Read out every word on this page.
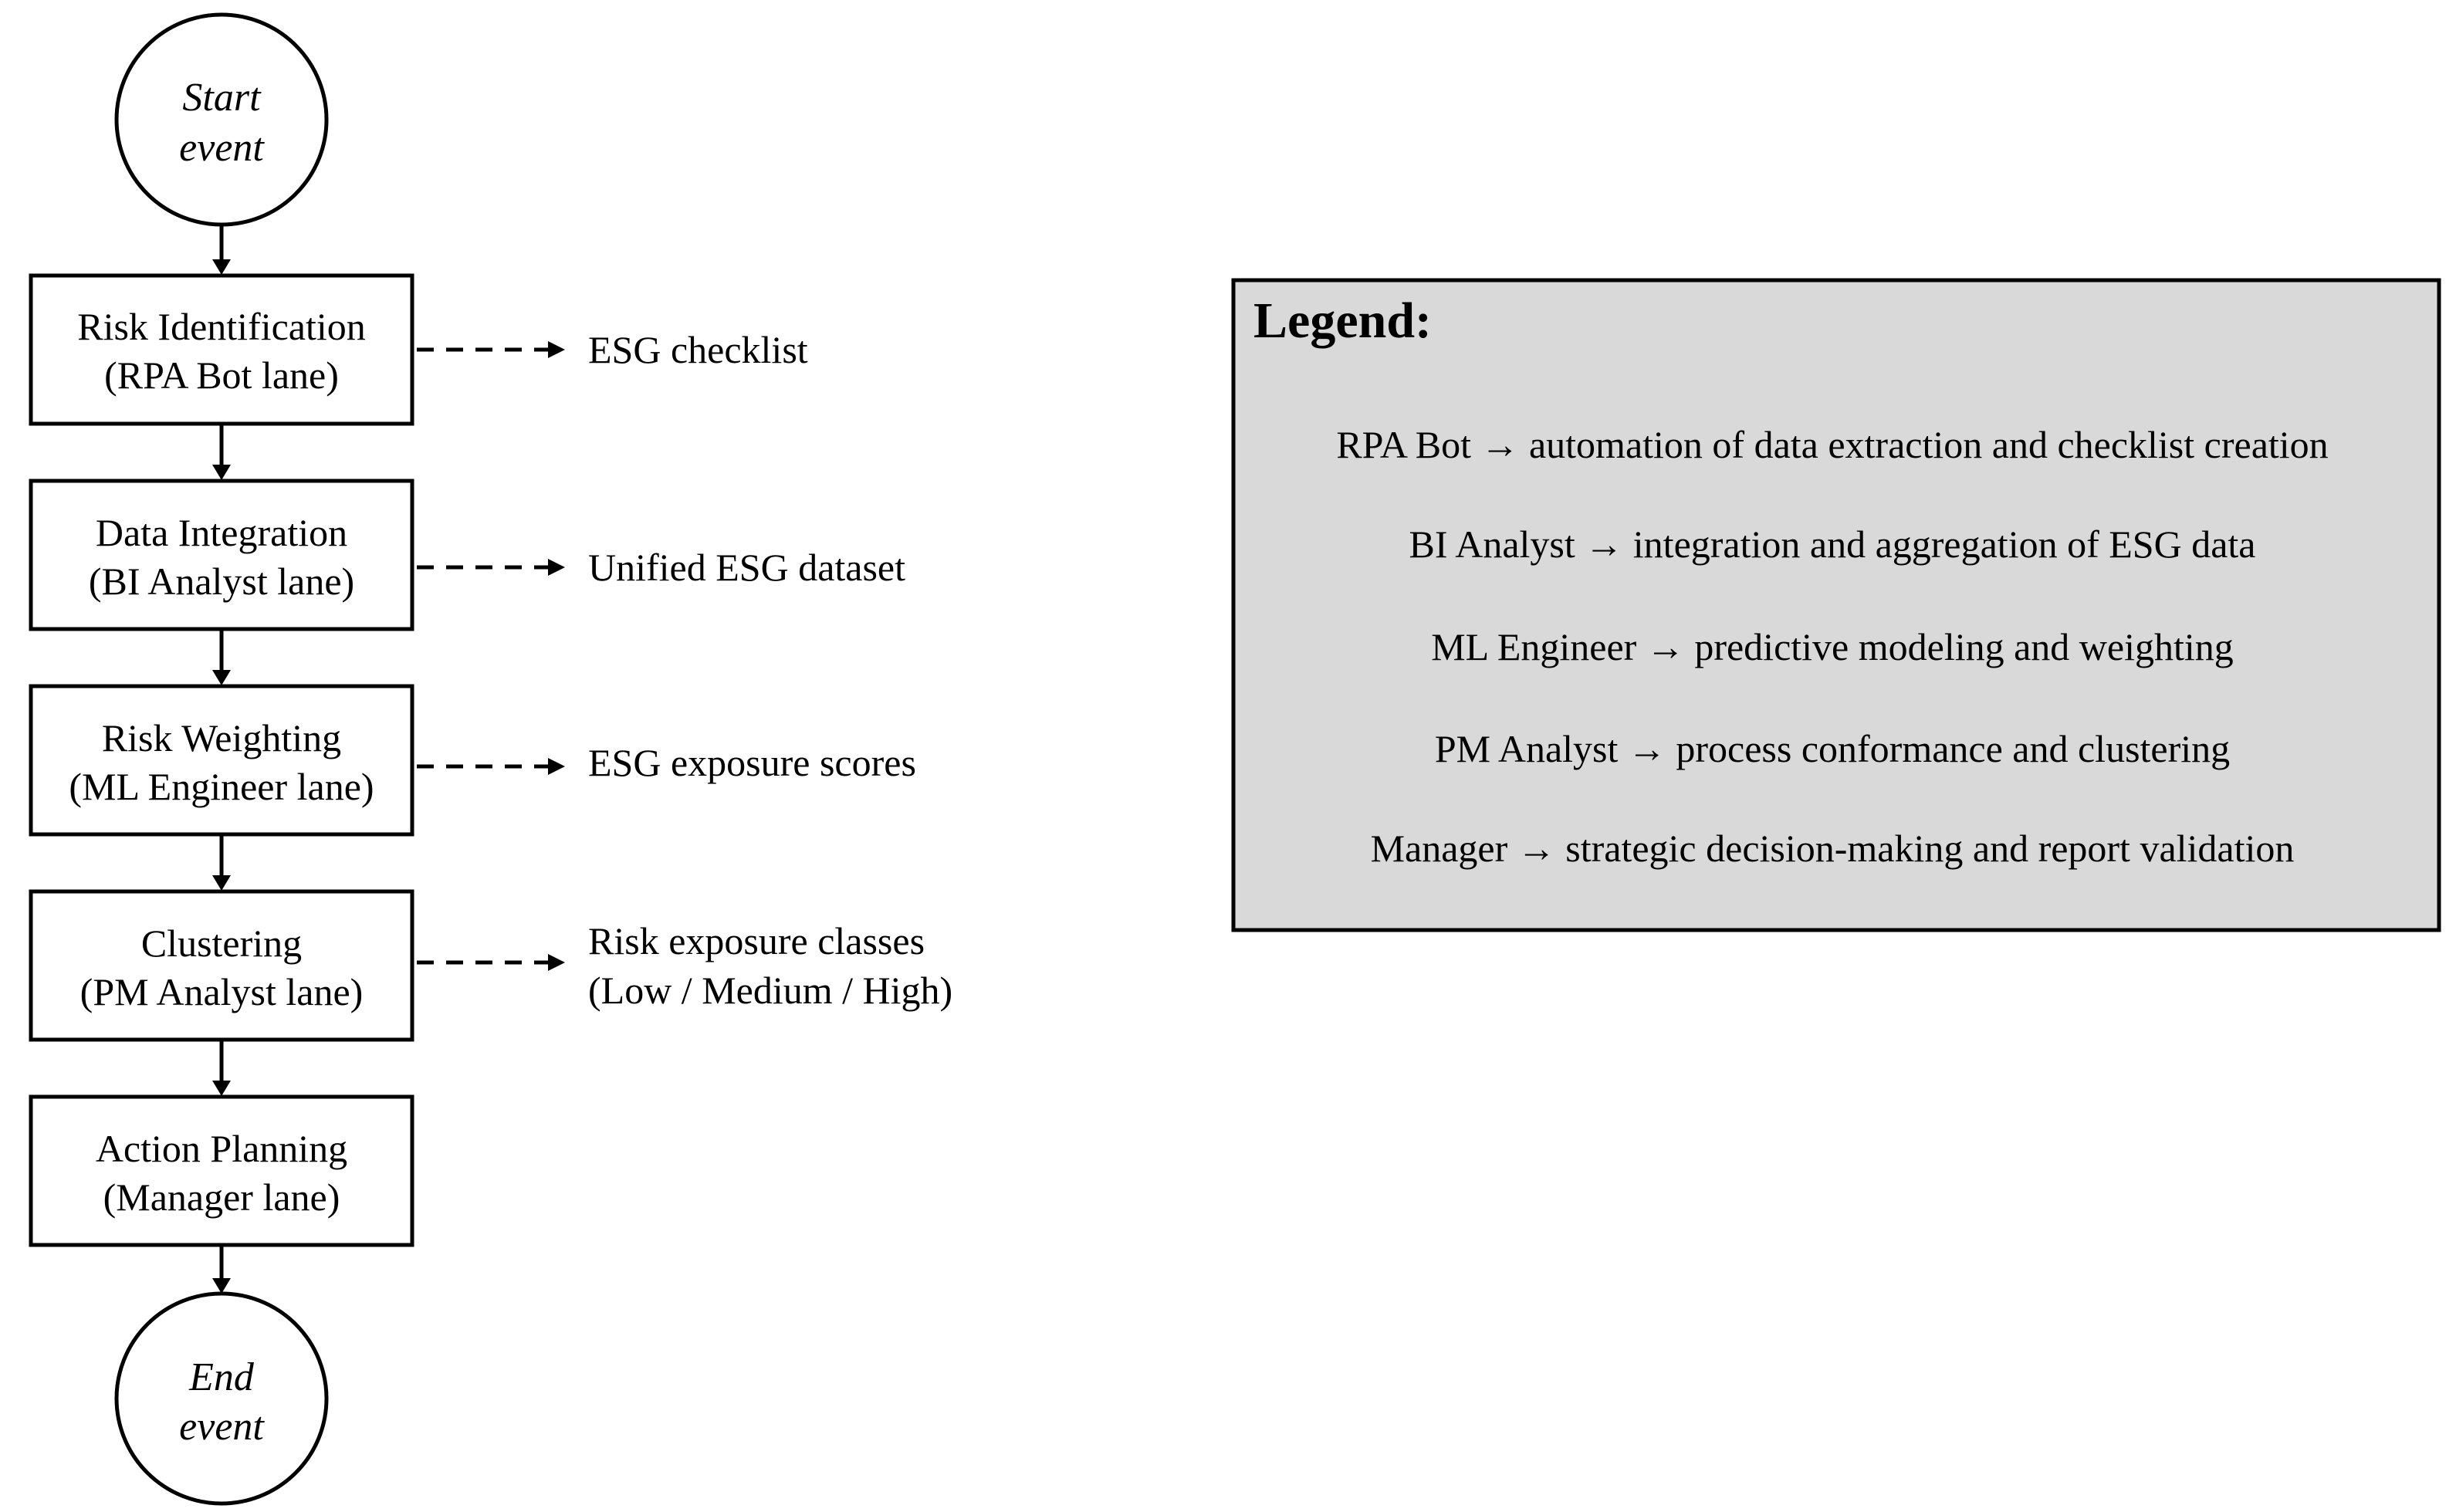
Start
event
Risk Identification
(RPA Bot lane)
Data Integration
(BI Analyst lane)
Risk Weighting
(ML Engineer lane)
Clustering
(PM Analyst lane)
Action Planning
(Manager lane)
End
event
ESG checklist
Unified ESG dataset
ESG exposure scores
Risk exposure classes
(Low / Medium / High)
Legend:
RPA Bot → automation of data extraction and checklist creation
BI Analyst → integration and aggregation of ESG data
ML Engineer → predictive modeling and weighting
PM Analyst → process conformance and clustering
Manager → strategic decision-making and report validation
